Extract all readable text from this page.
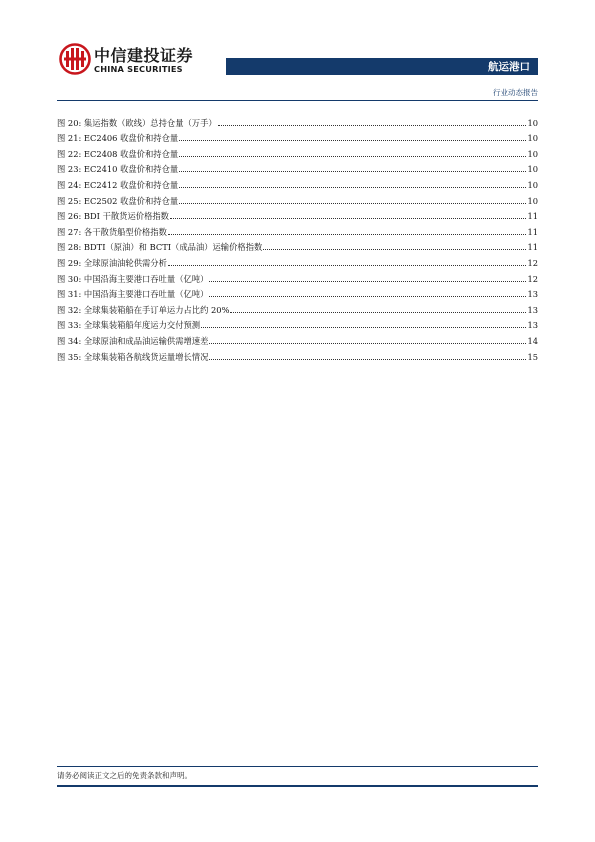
中信建投证券
CHINA SECURITIES	航运港口
行业动态报告
图 20: 集运指数（欧线）总持仓量（万手）	10
图 21: EC2406 收盘价和持仓量	10
图 22: EC2408 收盘价和持仓量	10
图 23: EC2410 收盘价和持仓量	10
图 24: EC2412 收盘价和持仓量	10
图 25: EC2502 收盘价和持仓量	10
图 26: BDI 干散货运价格指数	11
图 27: 各干散货船型价格指数	11
图 28: BDTI（原油）和 BCTI（成品油）运输价格指数	11
图 29: 全球原油油轮供需分析	12
图 30: 中国沿海主要港口吞吐量（亿吨）	12
图 31: 中国沿海主要港口吞吐量（亿吨）	13
图 32: 全球集装箱船在手订单运力占比约 20%	13
图 33: 全球集装箱船年度运力交付预测	13
图 34: 全球原油和成品油运输供需增速差	14
图 35: 全球集装箱各航线货运量增长情况	15
请务必阅读正文之后的免责条款和声明。
